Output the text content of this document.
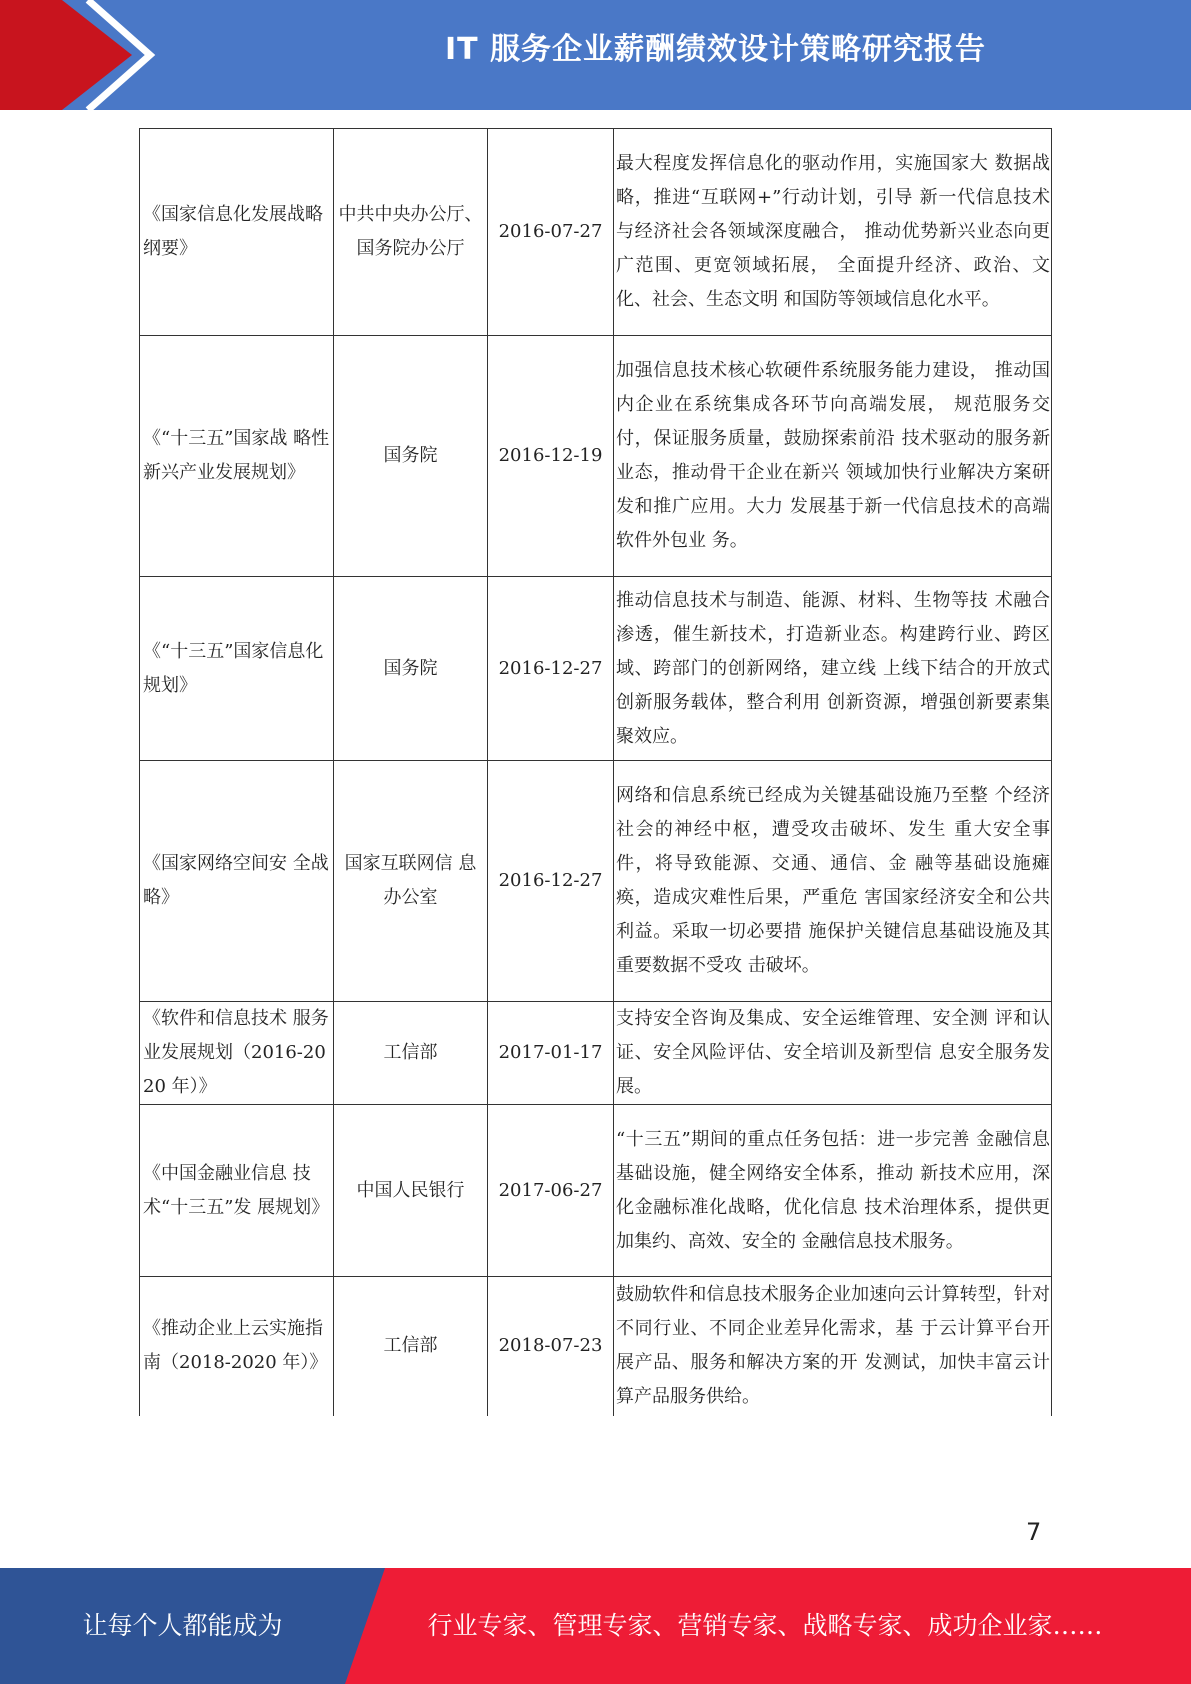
IT 服务企业薪酬绩效设计策略研究报告
《国家信息化发展战略纲要》	中共中央办公厅、国务院办公厅	2016-07-27	最大程度发挥信息化的驱动作用，实施国家大 数据战略，推进“互联网+”行动计划，引导 新一代信息技术与经济社会各领域深度融合， 推动优势新兴业态向更广范围、更宽领域拓展， 全面提升经济、政治、文化、社会、生态文明 和国防等领域信息化水平。
《“十三五”国家战 略性新兴产业发展规划》	国务院	2016-12-19	加强信息技术核心软硬件系统服务能力建设， 推动国内企业在系统集成各环节向高端发展， 规范服务交付，保证服务质量，鼓励探索前沿 技术驱动的服务新业态，推动骨干企业在新兴 领域加快行业解决方案研发和推广应用。大力 发展基于新一代信息技术的高端软件外包业 务。
《“十三五”国家信息化规划》	国务院	2016-12-27	推动信息技术与制造、能源、材料、生物等技 术融合渗透，催生新技术，打造新业态。构建跨行业、跨区域、跨部门的创新网络，建立线 上线下结合的开放式创新服务载体，整合利用 创新资源，增强创新要素集聚效应。
《国家网络空间安 全战略》	国家互联网信 息办公室	2016-12-27	网络和信息系统已经成为关键基础设施乃至整 个经济社会的神经中枢，遭受攻击破坏、发生 重大安全事件，将导致能源、交通、通信、金 融等基础设施瘫痪，造成灾难性后果，严重危 害国家经济安全和公共利益。采取一切必要措 施保护关键信息基础设施及其重要数据不受攻 击破坏。
《软件和信息技术 服务业发展规划（2016-2020 年）》	工信部	2017-01-17	支持安全咨询及集成、安全运维管理、安全测 评和认证、安全风险评估、安全培训及新型信 息安全服务发展。
《中国金融业信息 技术“十三五”发 展规划》	中国人民银行	2017-06-27	“十三五”期间的重点任务包括：进一步完善 金融信息基础设施，健全网络安全体系，推动 新技术应用，深化金融标准化战略，优化信息 技术治理体系，提供更加集约、高效、安全的 金融信息技术服务。
《推动企业上云实施指南（2018-2020 年）》	工信部	2018-07-23	鼓励软件和信息技术服务企业加速向云计算转型，针对不同行业、不同企业差异化需求，基 于云计算平台开展产品、服务和解决方案的开 发测试，加快丰富云计算产品服务供给。
7
让每个人都能成为	行业专家、管理专家、营销专家、战略专家、成功企业家……
